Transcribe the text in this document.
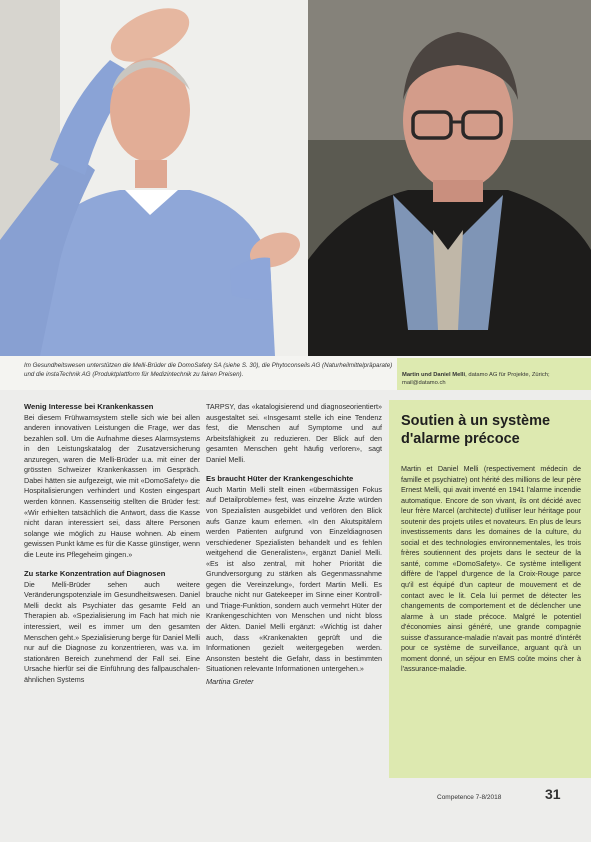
Im Gesundheitswesen unterstützen die Melli-Brüder die DomoSafety SA (siehe S. 30), die Phytoconseils AG (Naturheilmittelpräparate) und die instaTechnik AG (Produktplattform für Medizintechnik zu fairen Preisen).	Martin und Daniel Melli, datamo AG für Projekte, Zürich; mail@datamo.ch
Wenig Interesse bei Krankenkassen

Bei diesem Frühwarnsystem stelle sich wie bei allen anderen innovativen Leistungen die Frage, wer das bezahlen soll. Um die Aufnahme dieses Alarmsystems in den Leistungskatalog der Zusatzversicherung anzuregen, waren die Melli-Brüder u.a. mit einer der grössten Schweizer Krankenkassen im Gespräch. Dabei hätten sie aufgezeigt, wie mit «DomoSafety» die Hospitalisierungen verhindert und Kosten eingespart werden können. Kassenseitig stellten die Brüder fest: «Wir erhielten tatsächlich die Antwort, dass die Kasse nicht daran interessiert sei, dass ältere Personen solange wie möglich zu Hause wohnen. Ab einem gewissen Punkt käme es für die Kasse günstiger, wenn die Leute ins Pflegeheim gingen.»

Zu starke Konzentration auf Diagnosen

Die Melli-Brüder sehen auch weitere Veränderungspotenziale im Gesundheitswesen. Daniel Melli deckt als Psychiater das gesamte Feld an Therapien ab. «Spezialisierung im Fach hat mich nie interessiert, weil es immer um den gesamten Menschen geht.» Spezialisierung berge für Daniel Melli nur auf die Diagnose zu konzentrieren, was v.a. im stationären Bereich zunehmend der Fall sei. Eine Ursache hierfür sei die Einführung des fallpauschalen-ähnlichen Systems

TARPSY, das «katalogisierend und diagnoseorientiert» ausgestaltet sei. «Insgesamt stelle ich eine Tendenz fest, die Menschen auf Symptome und auf Arbeitsfähigkeit zu reduzieren. Der Blick auf den gesamten Menschen geht häufig verloren», sagt Daniel Melli.

Es braucht Hüter der Krankengeschichte

Auch Martin Melli stellt einen «übermässigen Fokus auf Detailprobleme» fest, was einzelne Ärzte würden von Spezialisten ausgebildet und verlören den Blick aufs Ganze kaum erlernen. «In den Akutspitälern werden Patienten aufgrund von Einzeldiagnosen verschiedener Spezialisten behandelt und es fehlen weitgehend die Generalisten», ergänzt Daniel Melli. «Es ist also zentral, mit hoher Priorität die Grundversorgung zu stärken als Gegenmassnahme gegen die Vereinzelung», fordert Martin Melli. Es brauche nicht nur Gatekeeper im Sinne einer Kontroll- und Triage-Funktion, sondern auch vermehrt Hüter der Krankengeschichten von Menschen und nicht bloss der Akten. Daniel Melli ergänzt: «Wichtig ist daher auch, dass «Krankenakten geprüft und die Informationen gezielt weitergegeben werden. Ansonsten besteht die Gefahr, dass in bestimmten Situationen relevante Informationen untergehen.»

Martina Greter

Soutien à un système d'alarme précoce

Martin et Daniel Melli (respectivement médecin de famille et psychiatre) ont hérité des millions de leur père Ernest Melli, qui avait inventé en 1941 l'alarme incendie automatique. Encore de son vivant, ils ont décidé avec leur frère Marcel (architecte) d'utiliser leur héritage pour soutenir des projets utiles et novateurs. En plus de leurs investissements dans les domaines de la culture, du social et des technologies environnementales, les trois frères soutiennent des projets dans le secteur de la santé, comme «DomoSafety». Ce système intelligent diffère de l'appel d'urgence de la Croix-Rouge parce qu'il est équipé d'un capteur de mouvement et de contact avec le lit. Cela lui permet de détecter les changements de comportement et de déclencher une alarme à un stade précoce. Malgré le potentiel d'économies ainsi généré, une grande compagnie suisse d'assurance-maladie n'avait pas montré d'intérêt pour ce système de surveillance, arguant qu'à un moment donné, un séjour en EMS coûte moins cher à l'assurance-maladie.

Competence 7-8/2018	31
